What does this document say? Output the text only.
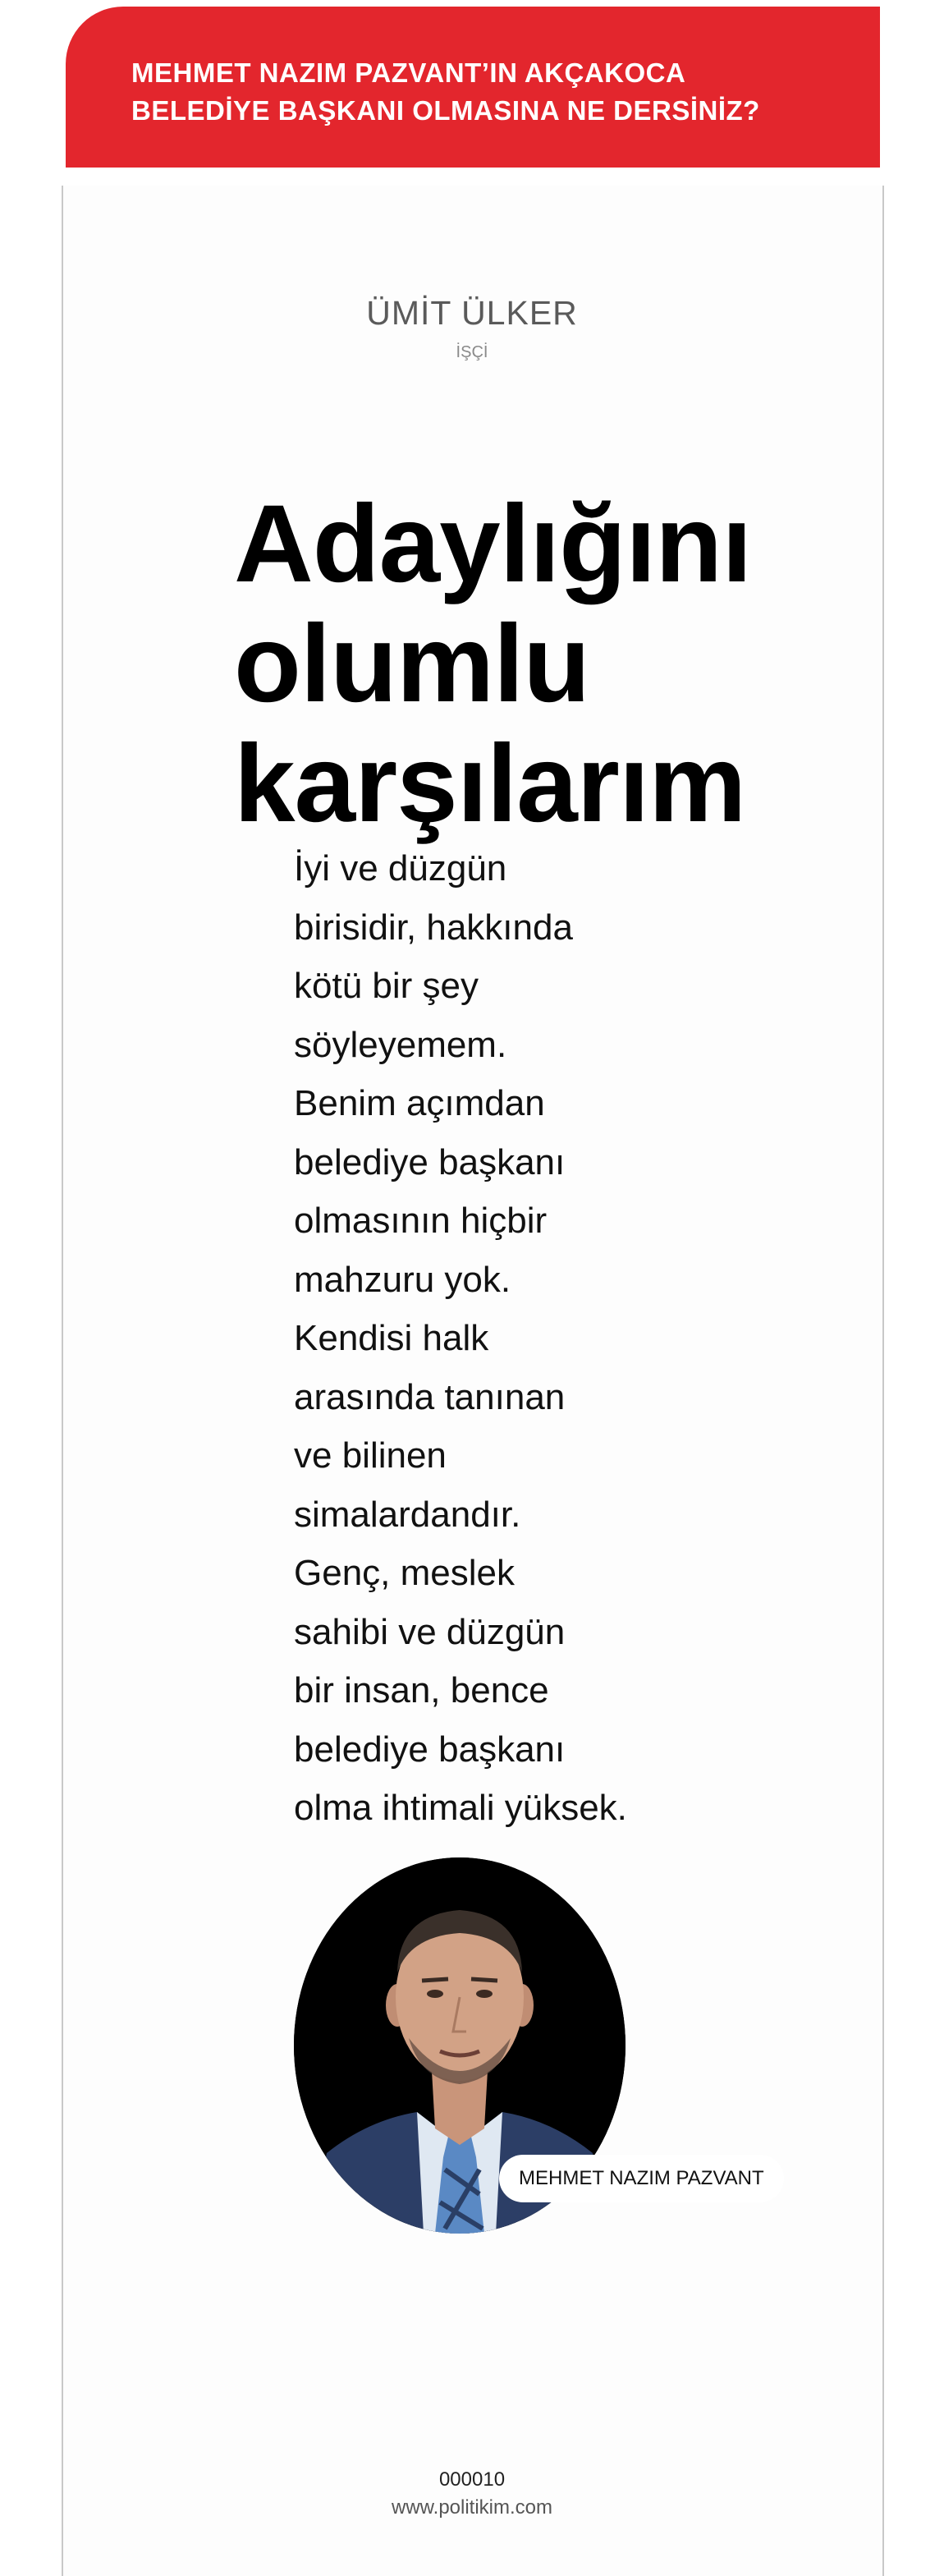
MEHMET NAZIM PAZVANT’IN AKÇAKOCA
BELEDİYE BAŞKANI OLMASINA NE DERSİNİZ?
ÜMİT ÜLKER
İŞÇİ
Adaylığını
olumlu
karşılarım
İyi ve düzgün
birisidir, hakkında
kötü bir şey
söyleyemem.
Benim açımdan
belediye başkanı
olmasının hiçbir
mahzuru yok.
Kendisi halk
arasında tanınan
ve bilinen
simalardandır.
Genç, meslek
sahibi ve düzgün
bir insan, bence
belediye başkanı
olma ihtimali yüksek.
MEHMET NAZIM PAZVANT
000010
www.politikim.com
